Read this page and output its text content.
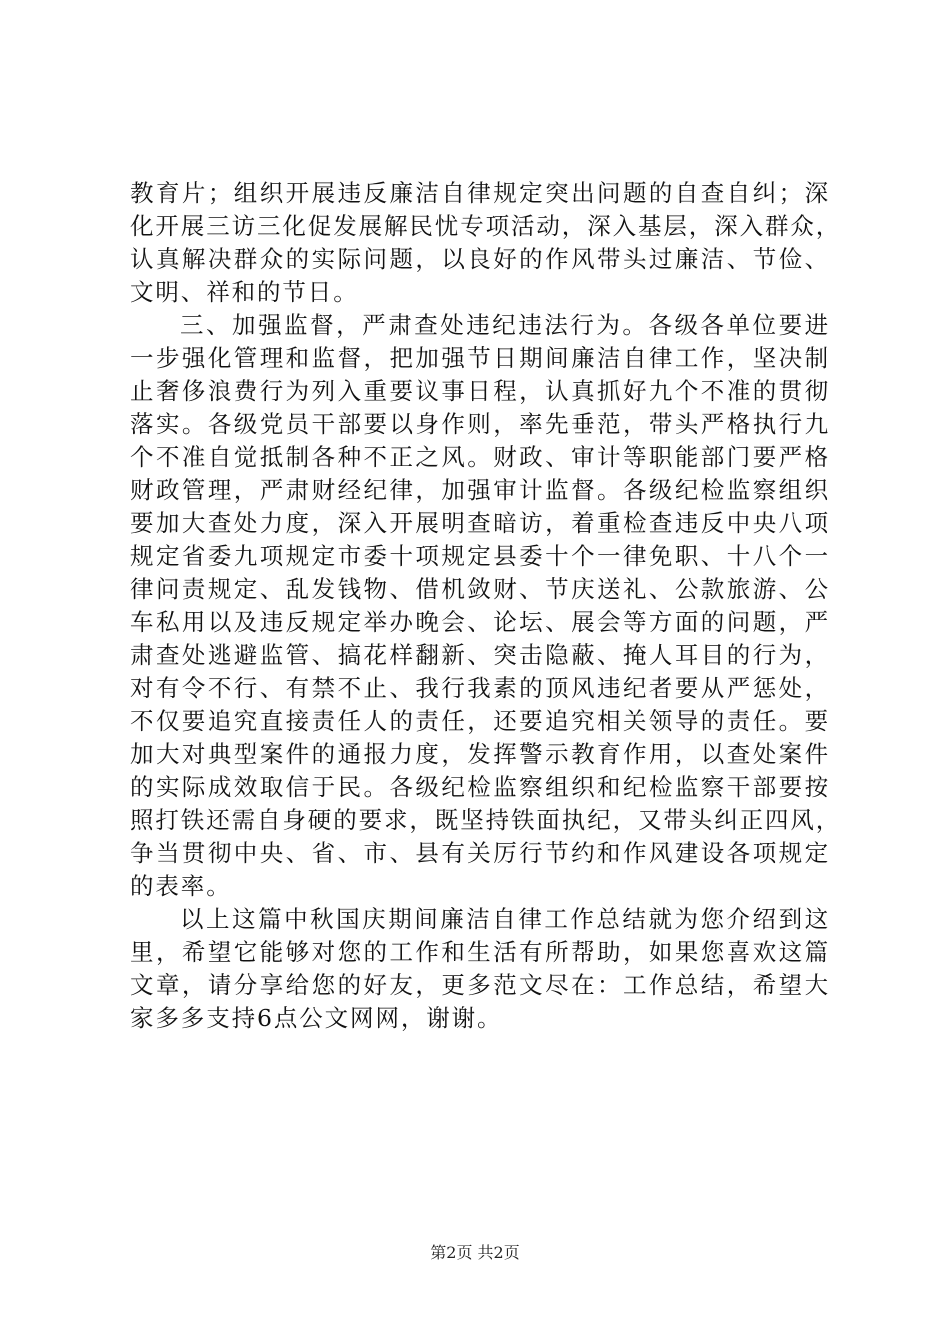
教育片；组织开展违反廉洁自律规定突出问题的自查自纠；深
化开展三访三化促发展解民忧专项活动，深入基层，深入群众，
认真解决群众的实际问题，以良好的作风带头过廉洁、节俭、
文明、祥和的节日。
三、加强监督，严肃查处违纪违法行为。各级各单位要进
一步强化管理和监督，把加强节日期间廉洁自律工作，坚决制
止奢侈浪费行为列入重要议事日程，认真抓好九个不准的贯彻
落实。各级党员干部要以身作则，率先垂范，带头严格执行九
个不准自觉抵制各种不正之风。财政、审计等职能部门要严格
财政管理，严肃财经纪律，加强审计监督。各级纪检监察组织
要加大查处力度，深入开展明查暗访，着重检查违反中央八项
规定省委九项规定市委十项规定县委十个一律免职、十八个一
律问责规定、乱发钱物、借机敛财、节庆送礼、公款旅游、公
车私用以及违反规定举办晚会、论坛、展会等方面的问题，严
肃查处逃避监管、搞花样翻新、突击隐蔽、掩人耳目的行为，
对有令不行、有禁不止、我行我素的顶风违纪者要从严惩处，
不仅要追究直接责任人的责任，还要追究相关领导的责任。要
加大对典型案件的通报力度，发挥警示教育作用，以查处案件
的实际成效取信于民。各级纪检监察组织和纪检监察干部要按
照打铁还需自身硬的要求，既坚持铁面执纪，又带头纠正四风，
争当贯彻中央、省、市、县有关厉行节约和作风建设各项规定
的表率。
以上这篇中秋国庆期间廉洁自律工作总结就为您介绍到这
里，希望它能够对您的工作和生活有所帮助，如果您喜欢这篇
文章，请分享给您的好友，更多范文尽在：工作总结，希望大
家多多支持6点公文网网，谢谢。
第2页 共2页
